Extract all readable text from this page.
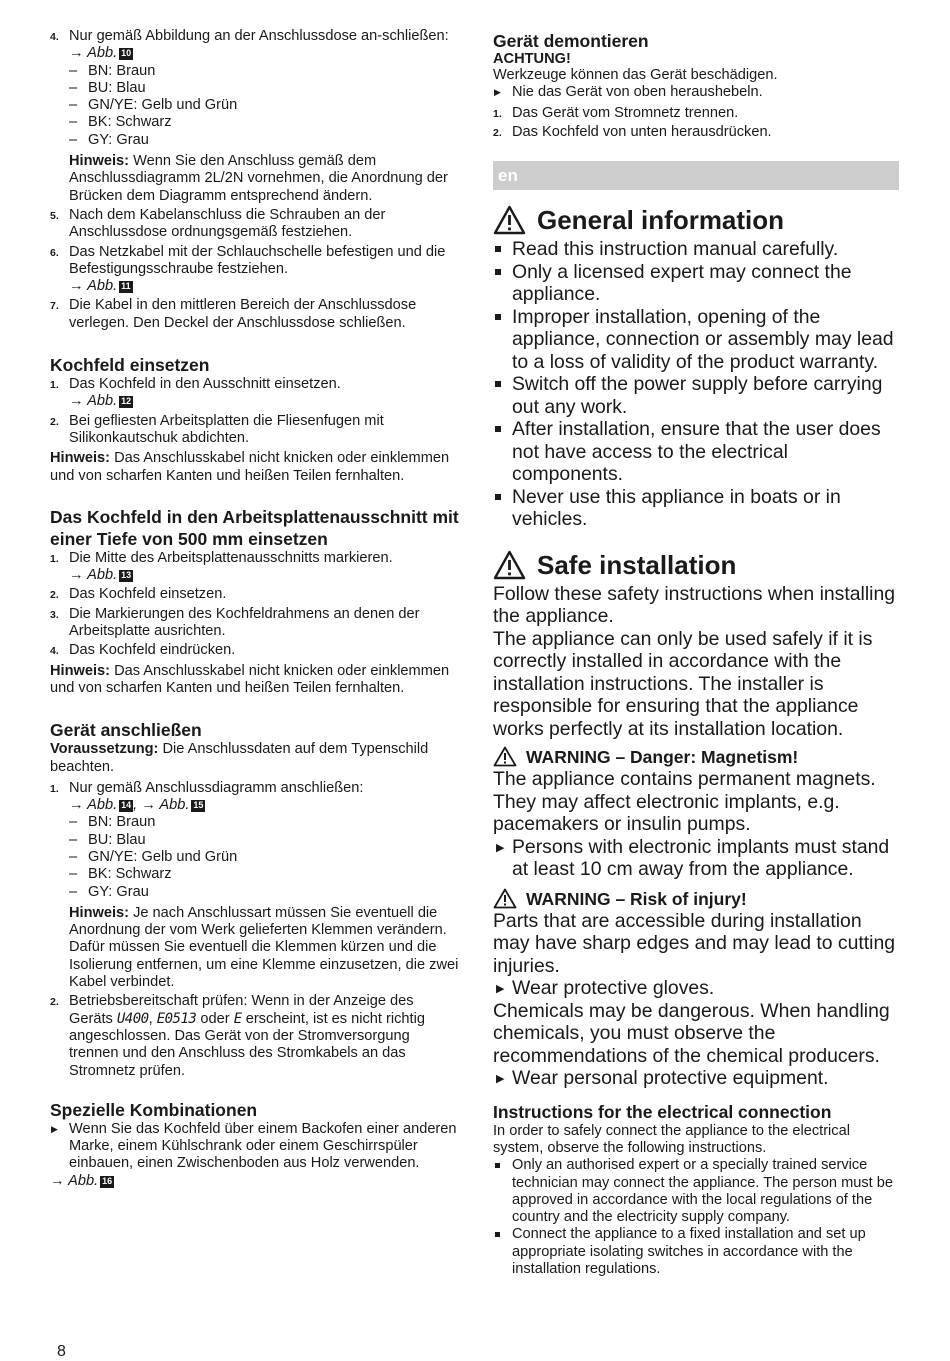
4. Nur gemäß Abbildung an der Anschlussdose an-schließen:
→ Abb. 10
– BN: Braun
– BU: Blau
– GN/YE: Gelb und Grün
– BK: Schwarz
– GY: Grau
Hinweis: Wenn Sie den Anschluss gemäß dem Anschlussdiagramm 2L/2N vornehmen, die Anordnung der Brücken dem Diagramm entsprechend ändern.
5. Nach dem Kabelanschluss die Schrauben an der Anschlussdose ordnungsgemäß festziehen.
6. Das Netzkabel mit der Schlauchschelle befestigen und die Befestigungsschraube festziehen.
→ Abb. 11
7. Die Kabel in den mittleren Bereich der Anschlussdose verlegen. Den Deckel der Anschlussdose schließen.
Kochfeld einsetzen
1. Das Kochfeld in den Ausschnitt einsetzen.
→ Abb. 12
2. Bei gefliesten Arbeitsplatten die Fliesenfugen mit Silikonkautschuk abdichten.
Hinweis: Das Anschlusskabel nicht knicken oder einklemmen und von scharfen Kanten und heißen Teilen fernhalten.
Das Kochfeld in den Arbeitsplattenausschnitt mit einer Tiefe von 500 mm einsetzen
1. Die Mitte des Arbeitsplattenausschnitts markieren.
→ Abb. 13
2. Das Kochfeld einsetzen.
3. Die Markierungen des Kochfeldrahmens an denen der Arbeitsplatte ausrichten.
4. Das Kochfeld eindrücken.
Hinweis: Das Anschlusskabel nicht knicken oder einklemmen und von scharfen Kanten und heißen Teilen fernhalten.
Gerät anschließen
Voraussetzung: Die Anschlussdaten auf dem Typenschild beachten.
1. Nur gemäß Anschlussdiagramm anschließen:
→ Abb. 14 , → Abb. 15
– BN: Braun
– BU: Blau
– GN/YE: Gelb und Grün
– BK: Schwarz
– GY: Grau
Hinweis: Je nach Anschlussart müssen Sie eventuell die Anordnung der vom Werk gelieferten Klemmen verändern. Dafür müssen Sie eventuell die Klemmen kürzen und die Isolierung entfernen, um eine Klemme einzusetzen, die zwei Kabel verbindet.
2. Betriebsbereitschaft prüfen: Wenn in der Anzeige des Geräts U400, E0513 oder E erscheint, ist es nicht richtig angeschlossen. Das Gerät von der Stromversorgung trennen und den Anschluss des Stromkabels an das Stromnetz prüfen.
Spezielle Kombinationen
▶ Wenn Sie das Kochfeld über einem Backofen einer anderen Marke, einem Kühlschrank oder einem Geschirrspüler einbauen, einen Zwischenboden aus Holz verwenden.
→ Abb. 16
8
Gerät demontieren
ACHTUNG!
Werkzeuge können das Gerät beschädigen.
▶ Nie das Gerät von oben heraushebeln.
1. Das Gerät vom Stromnetz trennen.
2. Das Kochfeld von unten herausdrücken.
en
General information
Read this instruction manual carefully.
Only a licensed expert may connect the appliance.
Improper installation, opening of the appliance, connection or assembly may lead to a loss of validity of the product warranty.
Switch off the power supply before carrying out any work.
After installation, ensure that the user does not have access to the electrical components.
Never use this appliance in boats or in vehicles.
Safe installation
Follow these safety instructions when installing the appliance.
The appliance can only be used safely if it is correctly installed in accordance with the installation instructions. The installer is responsible for ensuring that the appliance works perfectly at its installation location.
WARNING – Danger: Magnetism!
The appliance contains permanent magnets. They may affect electronic implants, e.g. pacemakers or insulin pumps.
▶ Persons with electronic implants must stand at least 10 cm away from the appliance.
WARNING – Risk of injury!
Parts that are accessible during installation may have sharp edges and may lead to cutting injuries.
▶ Wear protective gloves.
Chemicals may be dangerous. When handling chemicals, you must observe the recommendations of the chemical producers.
▶ Wear personal protective equipment.
Instructions for the electrical connection
In order to safely connect the appliance to the electrical system, observe the following instructions.
Only an authorised expert or a specially trained service technician may connect the appliance. The person must be approved in accordance with the local regulations of the country and the electricity supply company.
Connect the appliance to a fixed installation and set up appropriate isolating switches in accordance with the installation regulations.
